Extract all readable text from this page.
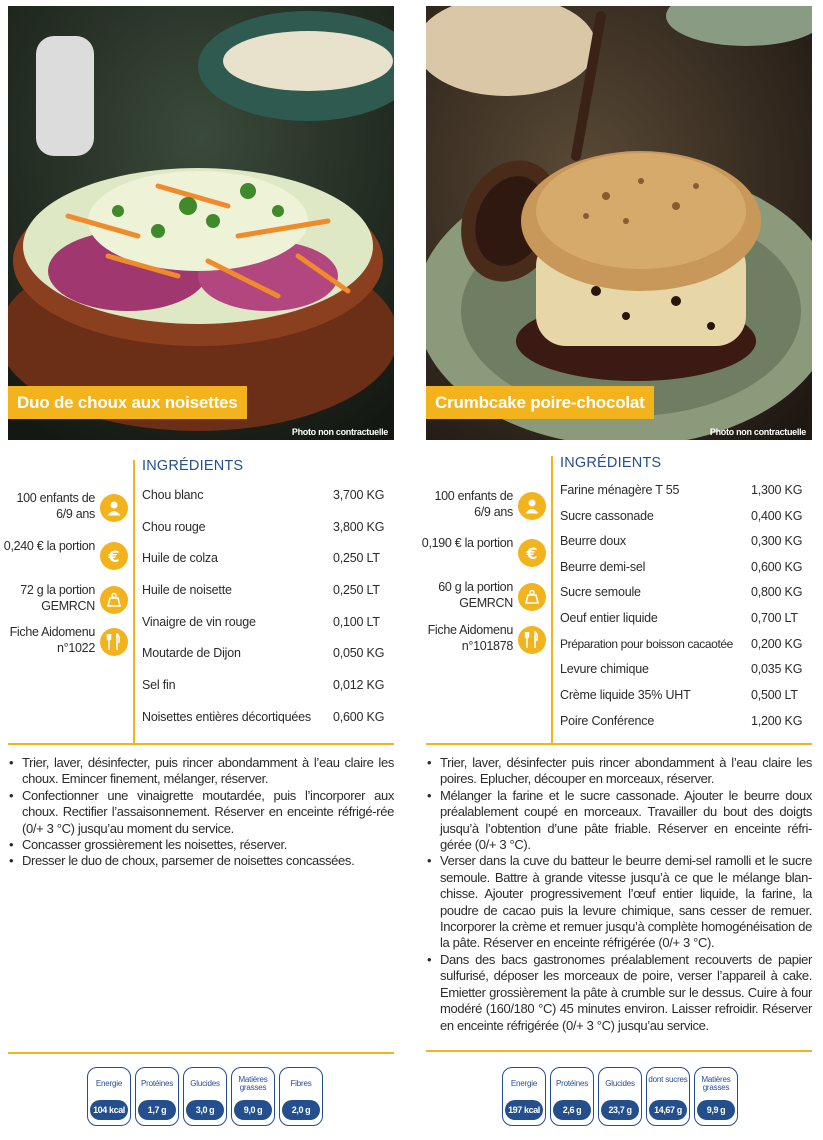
Duo de choux aux noisettes
Photo non contractuelle
100 enfants de 6/9 ans
0,240 € la portion
€
72 g la portion GEMRCN
Fiche Aidomenu n°1022
INGRÉDIENTS
Chou blanc	3,700 KG
Chou rouge	3,800 KG
Huile de colza	0,250 LT
Huile de noisette	0,250 LT
Vinaigre de vin rouge	0,100 LT
Moutarde de Dijon	0,050 KG
Sel fin	0,012 KG
Noisettes entières décortiquées 0,600 KG
• Trier, laver, désinfecter, puis rincer abondamment à l’eau claire les choux. Emincer finement, mélanger, réserver.
• Confectionner une vinaigrette moutardée, puis l’incorporer aux choux. Rectifier l’assaisonnement. Réserver en enceinte réfrigé-rée (0/+ 3 °C) jusqu’au moment du service.
• Concasser grossièrement les noisettes, réserver.
• Dresser le duo de choux, parsemer de noisettes concassées.
Energie
104 kcal
Protéines
1,7 g
Glucides
3,0 g
Matières grasses
9,0 g
Fibres
2,0 g
Crumbcake poire-chocolat
Photo non contractuelle
100 enfants de 6/9 ans
0,190 € la portion
€
60 g la portion GEMRCN
Fiche Aidomenu n°101878
INGRÉDIENTS
Farine ménagère T 55	1,300 KG
Sucre cassonade	0,400 KG
Beurre doux	0,300 KG
Beurre demi-sel	0,600 KG
Sucre semoule	0,800 KG
Oeuf entier liquide	0,700 LT
Préparation pour boisson cacaotée 0,200 KG
Levure chimique	0,035 KG
Crème liquide 35% UHT	0,500 LT
Poire Conférence	1,200 KG
• Trier, laver, désinfecter puis rincer abondamment à l’eau claire les poires. Eplucher, découper en morceaux, réserver.
• Mélanger la farine et le sucre cassonade. Ajouter le beurre doux préalablement coupé en morceaux. Travailler du bout des doigts jusqu’à l’obtention d’une pâte friable. Réserver en enceinte réfri-gérée (0/+ 3 °C).
• Verser dans la cuve du batteur le beurre demi-sel ramolli et le sucre semoule. Battre à grande vitesse jusqu’à ce que le mélange blan-chisse. Ajouter progressivement l’œuf entier liquide, la farine, la poudre de cacao puis la levure chimique, sans cesser de remuer. Incorporer la crème et remuer jusqu’à complète homogénéisation de la pâte. Réserver en enceinte réfrigérée (0/+ 3 °C).
• Dans des bacs gastronomes préalablement recouverts de papier sulfurisé, déposer les morceaux de poire, verser l’appareil à cake. Emietter grossièrement la pâte à crumble sur le dessus. Cuire à four modéré (160/180 °C) 45 minutes environ. Laisser refroidir. Réserver en enceinte réfrigérée (0/+ 3 °C) jusqu’au service.
Energie
197 kcal
Protéines
2,6 g
Glucides
23,7 g
dont sucres
14,67 g
Matières grasses
9,9 g
